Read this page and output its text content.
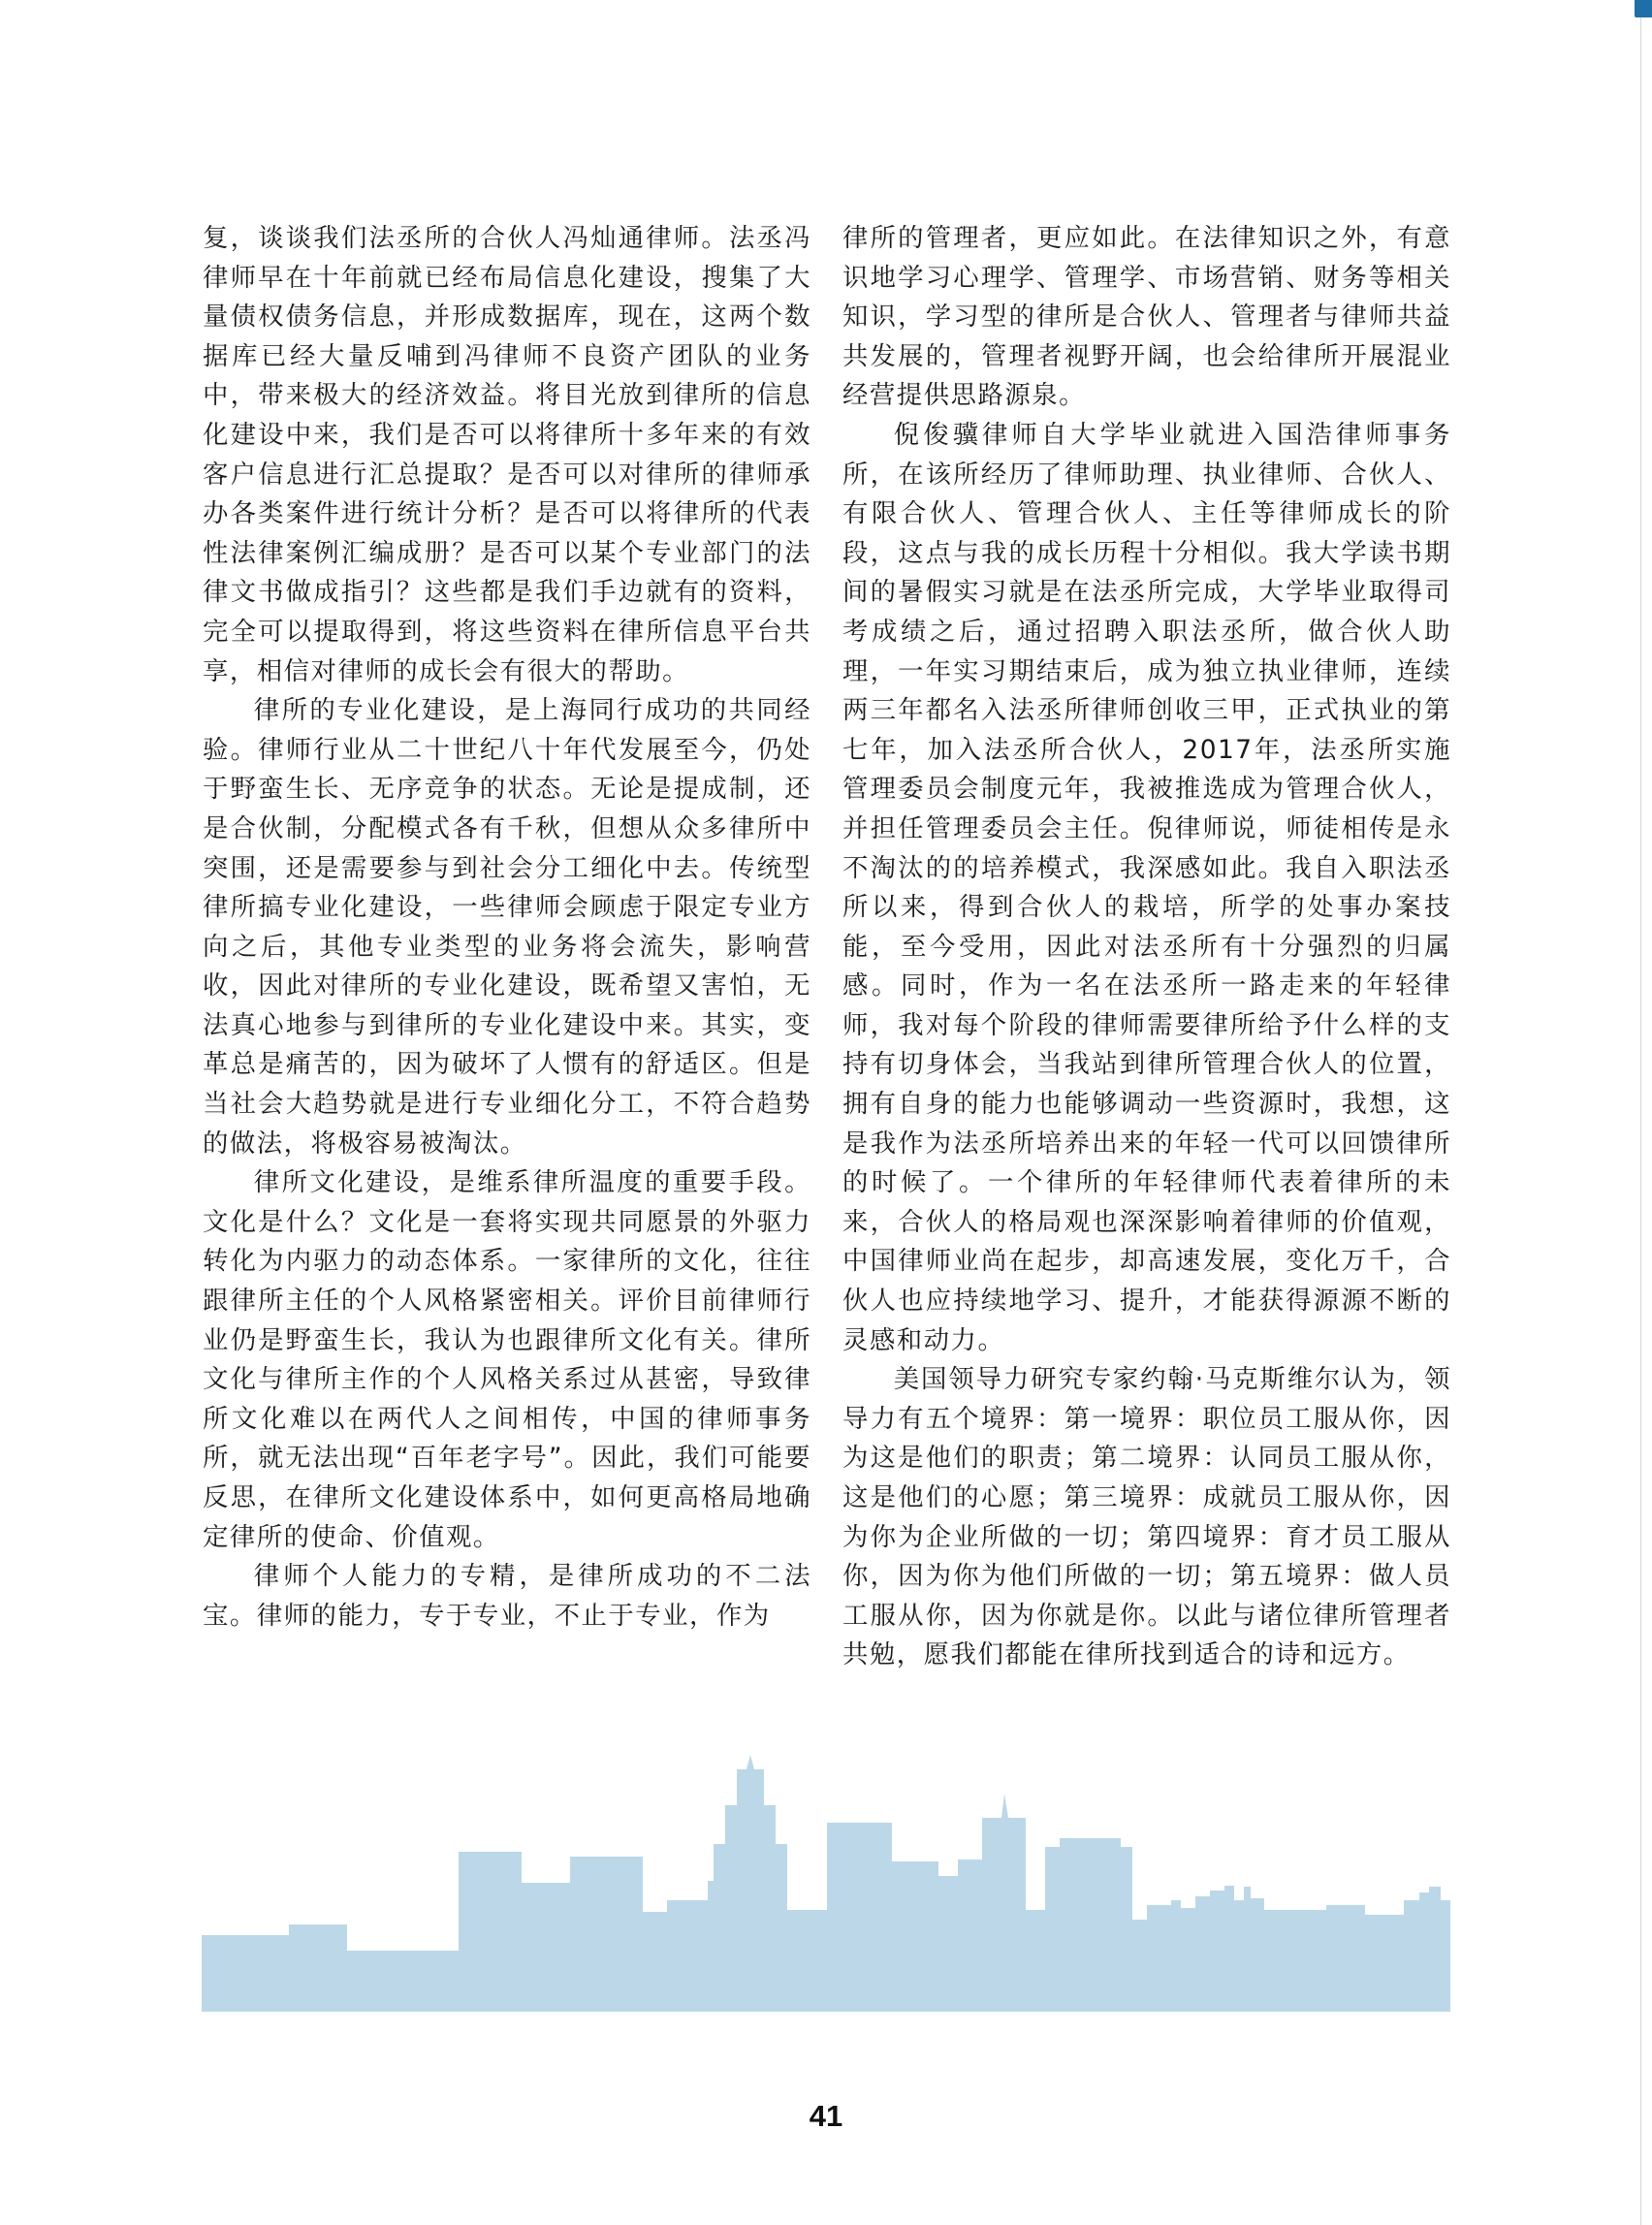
复，谈谈我们法丞所的合伙人冯灿通律师。法丞冯律师早在十年前就已经布局信息化建设，搜集了大量债权债务信息，并形成数据库，现在，这两个数据库已经大量反哺到冯律师不良资产团队的业务中，带来极大的经济效益。将目光放到律所的信息化建设中来，我们是否可以将律所十多年来的有效客户信息进行汇总提取？是否可以对律所的律师承办各类案件进行统计分析？是否可以将律所的代表性法律案例汇编成册？是否可以某个专业部门的法律文书做成指引？这些都是我们手边就有的资料，完全可以提取得到，将这些资料在律所信息平台共享，相信对律师的成长会有很大的帮助。

律所的专业化建设，是上海同行成功的共同经验。律师行业从二十世纪八十年代发展至今，仍处于野蛮生长、无序竞争的状态。无论是提成制，还是合伙制，分配模式各有千秋，但想从众多律所中突围，还是需要参与到社会分工细化中去。传统型律所搞专业化建设，一些律师会顾虑于限定专业方向之后，其他专业类型的业务将会流失，影响营收，因此对律所的专业化建设，既希望又害怕，无法真心地参与到律所的专业化建设中来。其实，变革总是痛苦的，因为破坏了人惯有的舒适区。但是当社会大趋势就是进行专业细化分工，不符合趋势的做法，将极容易被淘汰。

律所文化建设，是维系律所温度的重要手段。文化是什么？文化是一套将实现共同愿景的外驱力转化为内驱力的动态体系。一家律所的文化，往往跟律所主任的个人风格紧密相关。评价目前律师行业仍是野蛮生长，我认为也跟律所文化有关。律所文化与律所主作的个人风格关系过从甚密，导致律所文化难以在两代人之间相传，中国的律师事务所，就无法出现“百年老字号”。因此，我们可能要反思，在律所文化建设体系中，如何更高格局地确定律所的使命、价值观。

律师个人能力的专精，是律所成功的不二法宝。律师的能力，专于专业，不止于专业，作为

律所的管理者，更应如此。在法律知识之外，有意识地学习心理学、管理学、市场营销、财务等相关知识，学习型的律所是合伙人、管理者与律师共益共发展的，管理者视野开阔，也会给律所开展混业经营提供思路源泉。

倪俊骥律师自大学毕业就进入国浩律师事务所，在该所经历了律师助理、执业律师、合伙人、有限合伙人、管理合伙人、主任等律师成长的阶段，这点与我的成长历程十分相似。我大学读书期间的暑假实习就是在法丞所完成，大学毕业取得司考成绩之后，通过招聘入职法丞所，做合伙人助理，一年实习期结束后，成为独立执业律师，连续两三年都名入法丞所律师创收三甲，正式执业的第七年，加入法丞所合伙人，2017年，法丞所实施管理委员会制度元年，我被推选成为管理合伙人，并担任管理委员会主任。倪律师说，师徒相传是永不淘汰的的培养模式，我深感如此。我自入职法丞所以来，得到合伙人的栽培，所学的处事办案技能，至今受用，因此对法丞所有十分强烈的归属感。同时，作为一名在法丞所一路走来的年轻律师，我对每个阶段的律师需要律所给予什么样的支持有切身体会，当我站到律所管理合伙人的位置，拥有自身的能力也能够调动一些资源时，我想，这是我作为法丞所培养出来的年轻一代可以回馈律所的时候了。一个律所的年轻律师代表着律所的未来，合伙人的格局观也深深影响着律师的价值观，中国律师业尚在起步，却高速发展，变化万千，合伙人也应持续地学习、提升，才能获得源源不断的灵感和动力。

美国领导力研究专家约翰·马克斯维尔认为，领导力有五个境界：第一境界：职位员工服从你，因为这是他们的职责；第二境界：认同员工服从你，这是他们的心愿；第三境界：成就员工服从你，因为你为企业所做的一切；第四境界：育才员工服从你，因为你为他们所做的一切；第五境界：做人员工服从你，因为你就是你。以此与诸位律所管理者共勉，愿我们都能在律所找到适合的诗和远方。

41
